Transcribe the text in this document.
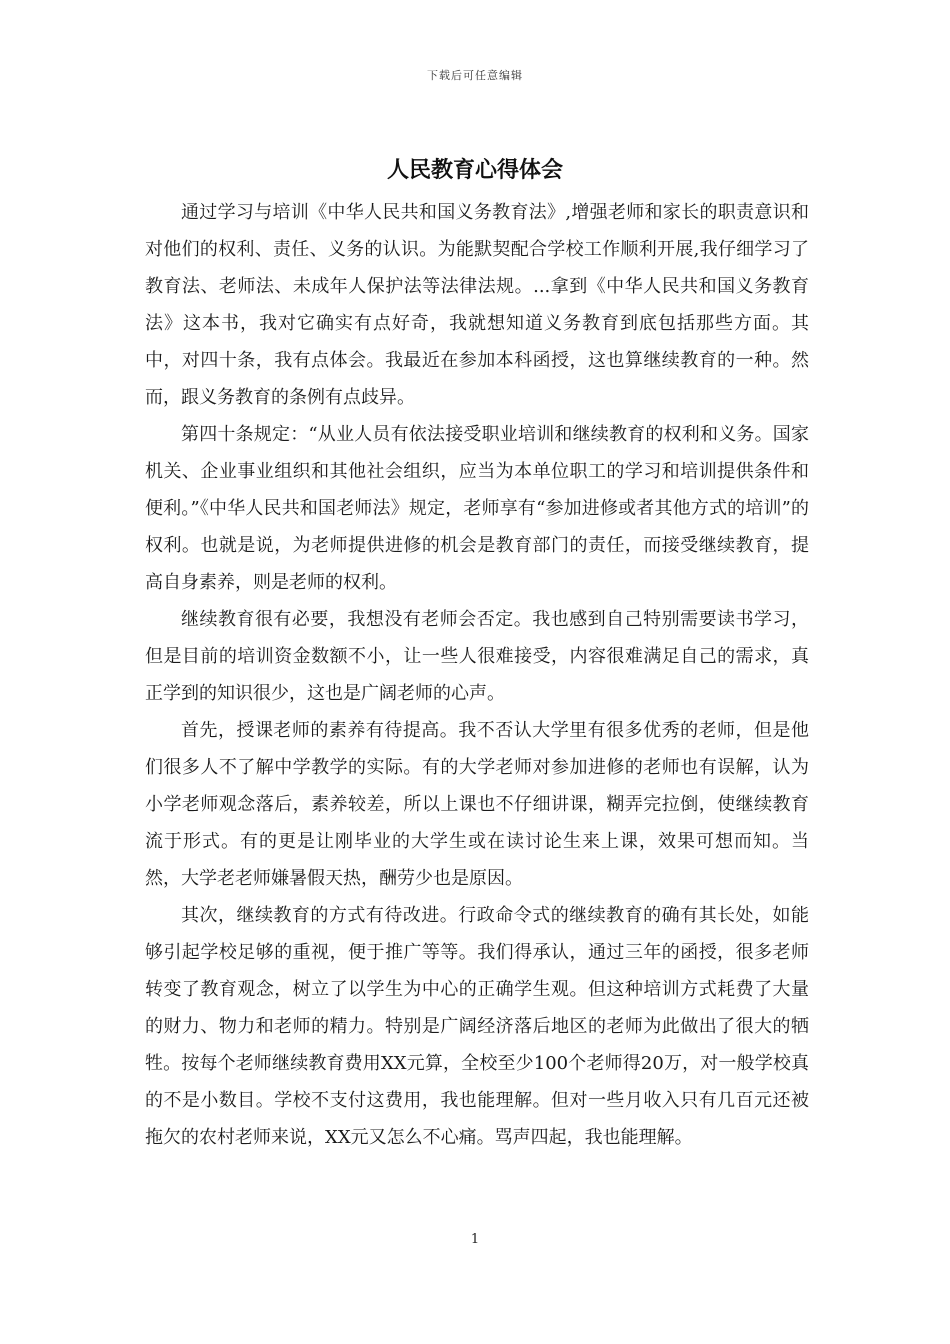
下载后可任意编辑
人民教育心得体会

通过学习与培训《中华人民共和国义务教育法》,增强老师和家长的职责意识和对他们的权利、责任、义务的认识。为能默契配合学校工作顺利开展,我仔细学习了教育法、老师法、未成年人保护法等法律法规。...拿到《中华人民共和国义务教育法》这本书，我对它确实有点好奇，我就想知道义务教育到底包括那些方面。其中，对四十条，我有点体会。我最近在参加本科函授，这也算继续教育的一种。然而，跟义务教育的条例有点歧异。

第四十条规定：“从业人员有依法接受职业培训和继续教育的权利和义务。国家机关、企业事业组织和其他社会组织，应当为本单位职工的学习和培训提供条件和便利。”《中华人民共和国老师法》规定，老师享有“参加进修或者其他方式的培训”的权利。也就是说，为老师提供进修的机会是教育部门的责任，而接受继续教育，提高自身素养，则是老师的权利。

继续教育很有必要，我想没有老师会否定。我也感到自己特别需要读书学习，但是目前的培训资金数额不小，让一些人很难接受，内容很难满足自己的需求，真正学到的知识很少，这也是广阔老师的心声。

首先，授课老师的素养有待提高。我不否认大学里有很多优秀的老师，但是他们很多人不了解中学教学的实际。有的大学老师对参加进修的老师也有误解，认为小学老师观念落后，素养较差，所以上课也不仔细讲课，糊弄完拉倒，使继续教育流于形式。有的更是让刚毕业的大学生或在读讨论生来上课，效果可想而知。当然，大学老老师嫌暑假天热，酬劳少也是原因。

其次，继续教育的方式有待改进。行政命令式的继续教育的确有其长处，如能够引起学校足够的重视，便于推广等等。我们得承认，通过三年的函授，很多老师转变了教育观念，树立了以学生为中心的正确学生观。但这种培训方式耗费了大量的财力、物力和老师的精力。特别是广阔经济落后地区的老师为此做出了很大的牺牲。按每个老师继续教育费用XX元算，全校至少100个老师得20万，对一般学校真的不是小数目。学校不支付这费用，我也能理解。但对一些月收入只有几百元还被拖欠的农村老师来说，XX元又怎么不心痛。骂声四起，我也能理解。

1
